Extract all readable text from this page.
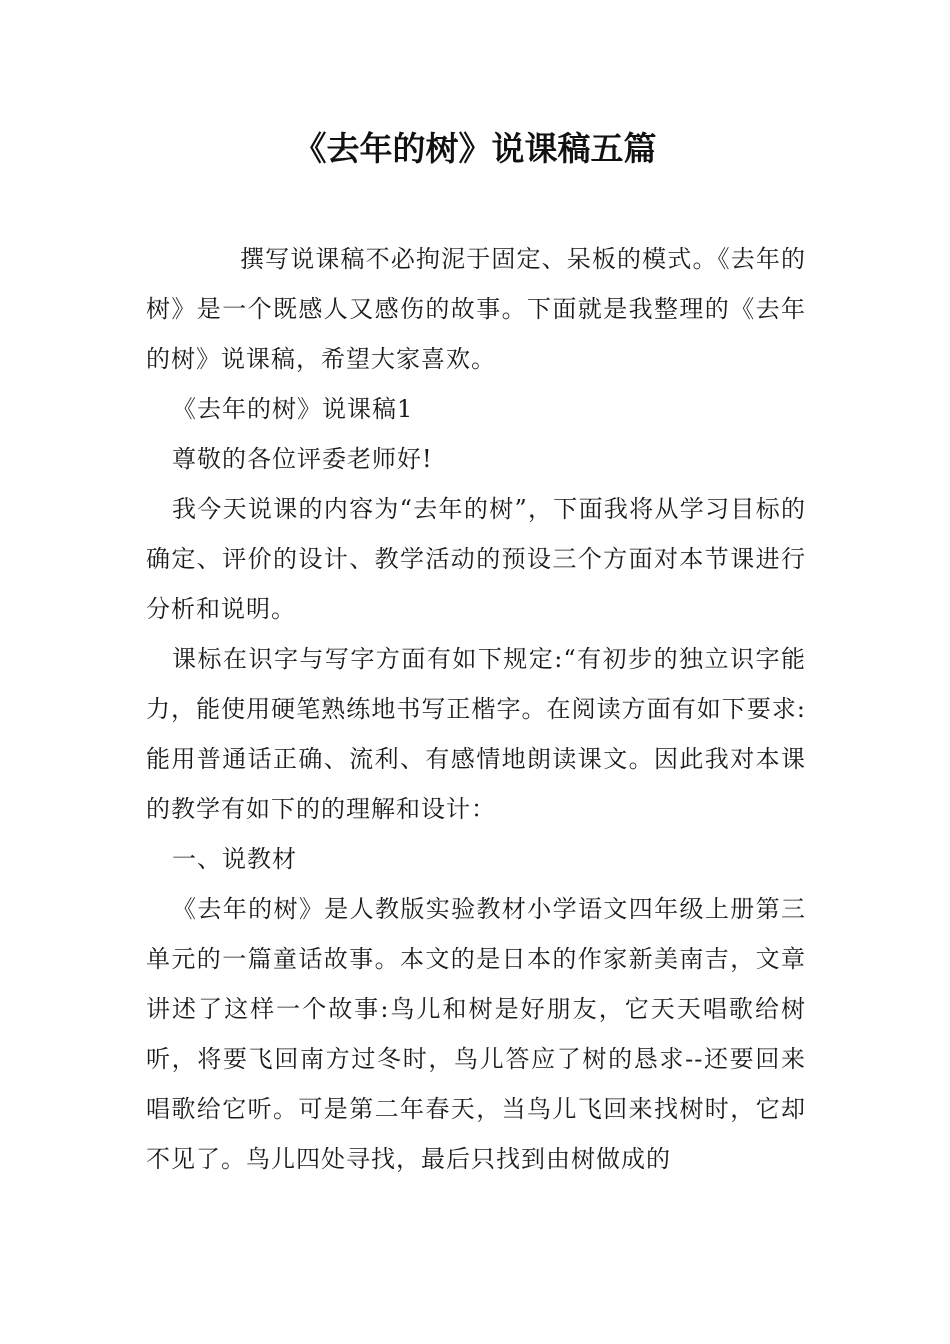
《去年的树》说课稿五篇

撰写说课稿不必拘泥于固定、呆板的模式。《去年的树》是一个既感人又感伤的故事。下面就是我整理的《去年的树》说课稿，希望大家喜欢。

《去年的树》说课稿1

尊敬的各位评委老师好!

我今天说课的内容为“去年的树”，下面我将从学习目标的确定、评价的设计、教学活动的预设三个方面对本节课进行分析和说明。

课标在识字与写字方面有如下规定:“有初步的独立识字能力，能使用硬笔熟练地书写正楷字。在阅读方面有如下要求:能用普通话正确、流利、有感情地朗读课文。因此我对本课的教学有如下的的理解和设计：

一、说教材

《去年的树》是人教版实验教材小学语文四年级上册第三单元的一篇童话故事。本文的是日本的作家新美南吉，文章讲述了这样一个故事:鸟儿和树是好朋友，它天天唱歌给树听，将要飞回南方过冬时，鸟儿答应了树的恳求--还要回来唱歌给它听。可是第二年春天，当鸟儿飞回来找树时，它却不见了。鸟儿四处寻找，最后只找到由树做成的
